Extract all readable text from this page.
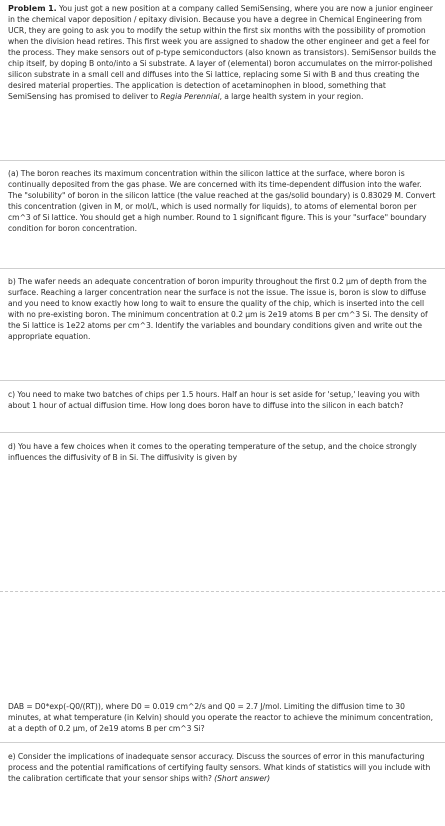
Problem 1. You just got a new position at a company called SemiSensing, where you are now a junior engineer in the chemical vapor deposition / epitaxy division. Because you have a degree in Chemical Engineering from UCR, they are going to ask you to modify the setup within the first six months with the possibility of promotion when the division head retires. This first week you are assigned to shadow the other engineer and get a feel for the process. They make sensors out of p-type semiconductors (also known as transistors). SemiSensor builds the chip itself, by doping B onto/into a Si substrate. A layer of (elemental) boron accumulates on the mirror-polished silicon substrate in a small cell and diffuses into the Si lattice, replacing some Si with B and thus creating the desired material properties. The application is detection of acetaminophen in blood, something that SemiSensing has promised to deliver to Regia Perennial, a large health system in your region.

(a) The boron reaches its maximum concentration within the silicon lattice at the surface, where boron is continually deposited from the gas phase. We are concerned with its time-dependent diffusion into the wafer. The "solubility" of boron in the silicon lattice (the value reached at the gas/solid boundary) is 0.83029 M. Convert this concentration (given in M, or mol/L, which is used normally for liquids), to atoms of elemental boron per cm^3 of Si lattice. You should get a high number. Round to 1 significant figure. This is your "surface" boundary condition for boron concentration.

b) The wafer needs an adequate concentration of boron impurity throughout the first 0.2 μm of depth from the surface. Reaching a larger concentration near the surface is not the issue. The issue is, boron is slow to diffuse and you need to know exactly how long to wait to ensure the quality of the chip, which is inserted into the cell with no pre-existing boron. The minimum concentration at 0.2 μm is 2e19 atoms B per cm^3 Si. The density of the Si lattice is 1e22 atoms per cm^3. Identify the variables and boundary conditions given and write out the appropriate equation.

c) You need to make two batches of chips per 1.5 hours. Half an hour is set aside for 'setup,' leaving you with about 1 hour of actual diffusion time. How long does boron have to diffuse into the silicon in each batch?

d) You have a few choices when it comes to the operating temperature of the setup, and the choice strongly influences the diffusivity of B in Si. The diffusivity is given by

DAB = D0*exp(-Q0/(RT)), where D0 = 0.019 cm^2/s and Q0 = 2.7 J/mol. Limiting the diffusion time to 30 minutes, at what temperature (in Kelvin) should you operate the reactor to achieve the minimum concentration, at a depth of 0.2 μm, of 2e19 atoms B per cm^3 Si?

e) Consider the implications of inadequate sensor accuracy. Discuss the sources of error in this manufacturing process and the potential ramifications of certifying faulty sensors. What kinds of statistics will you include with the calibration certificate that your sensor ships with? (Short answer)
